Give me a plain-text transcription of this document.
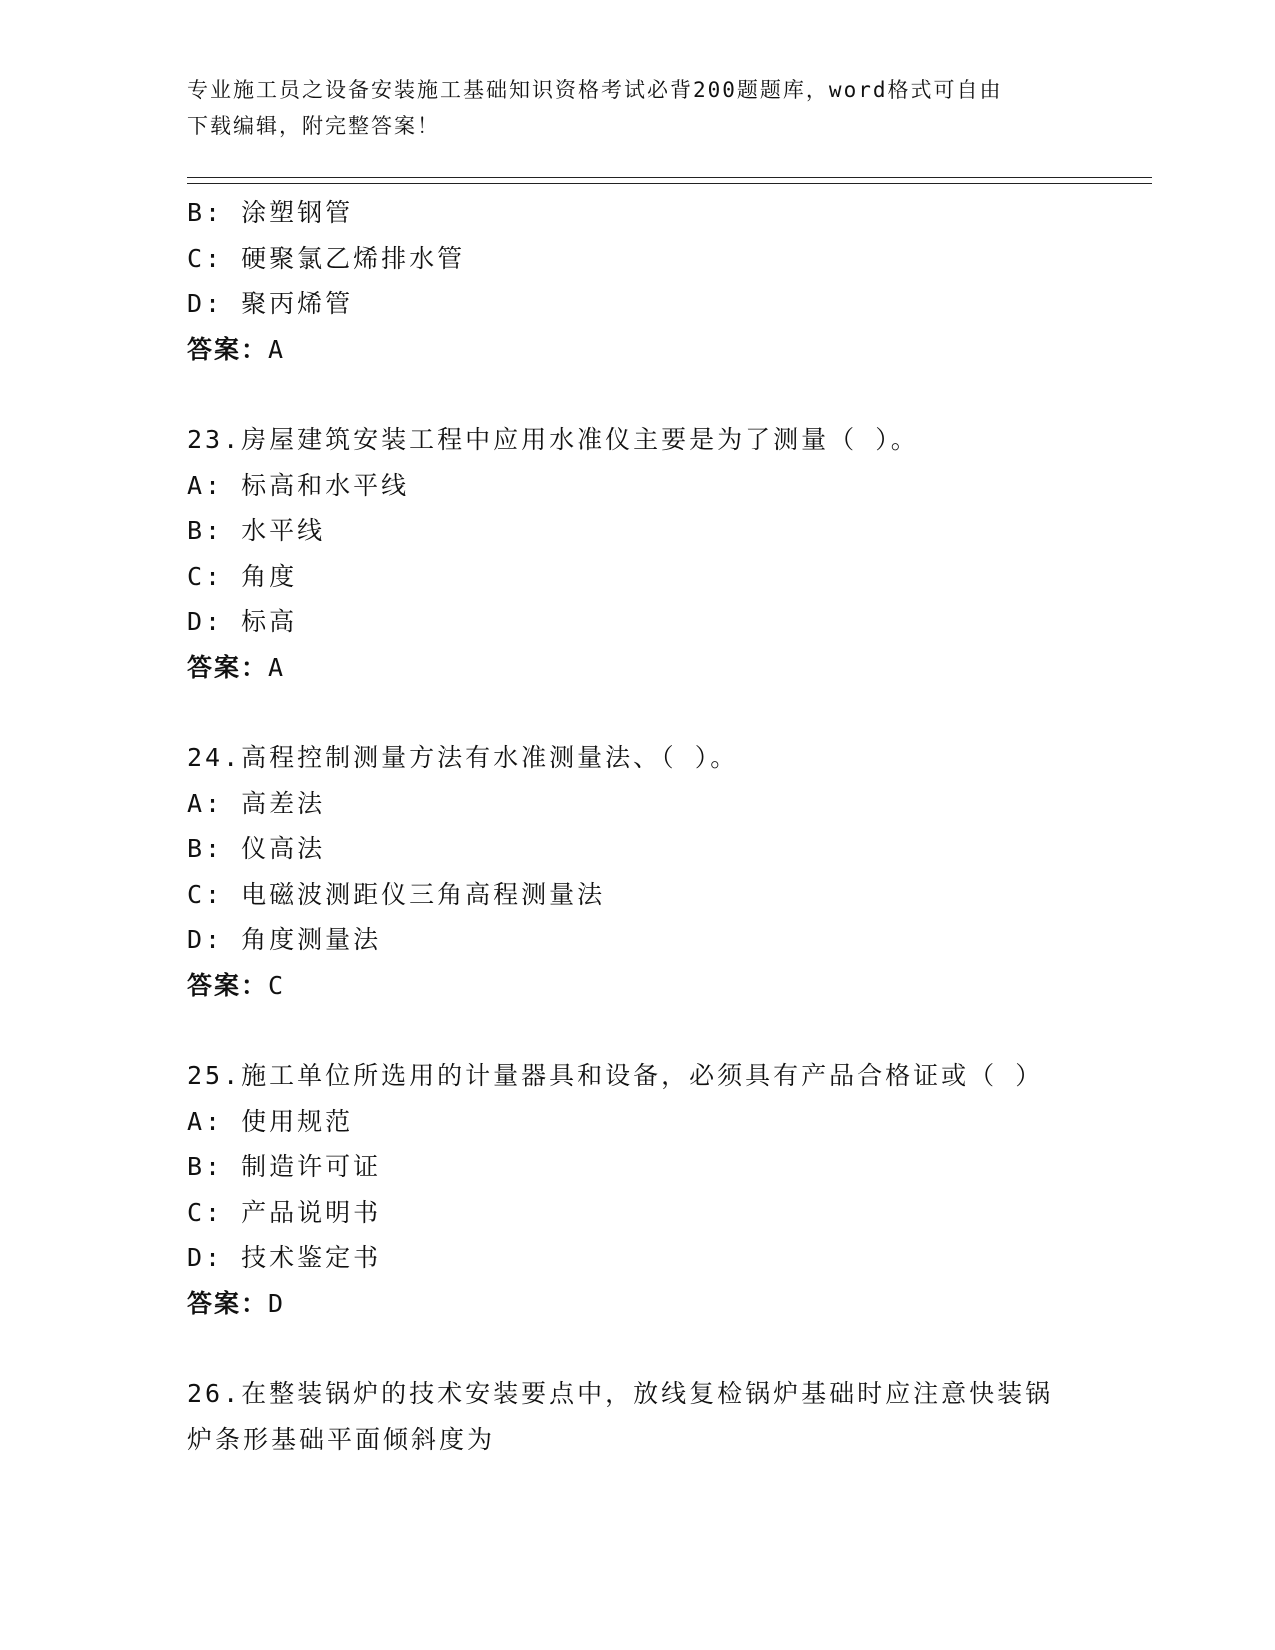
专业施工员之设备安装施工基础知识资格考试必背200题题库，word格式可自由
下载编辑，附完整答案！
B: 涂塑钢管
C: 硬聚氯乙烯排水管
D: 聚丙烯管
答案：A
23.房屋建筑安装工程中应用水准仪主要是为了测量（ ）。
A: 标高和水平线
B: 水平线
C: 角度
D: 标高
答案：A
24.高程控制测量方法有水准测量法、（ ）。
A: 高差法
B: 仪高法
C: 电磁波测距仪三角高程测量法
D: 角度测量法
答案：C
25.施工单位所选用的计量器具和设备，必须具有产品合格证或（ ）
A: 使用规范
B: 制造许可证
C: 产品说明书
D: 技术鉴定书
答案：D
26.在整装锅炉的技术安装要点中，放线复检锅炉基础时应注意快装锅
炉条形基础平面倾斜度为
